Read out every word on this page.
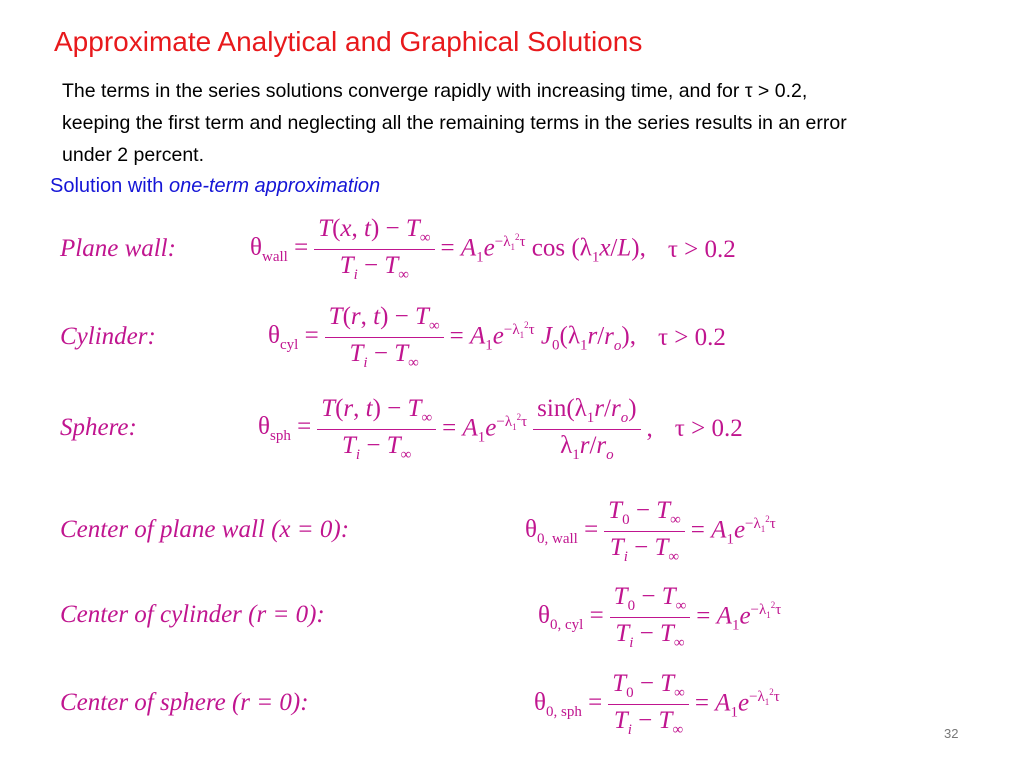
Approximate Analytical and Graphical Solutions
The terms in the series solutions converge rapidly with increasing time, and for τ > 0.2, keeping the first term and neglecting all the remaining terms in the series results in an error under 2 percent.
Solution with one-term approximation
Plane wall:	$\theta_{wall} = \frac{T(x, t) - T_\infty}{T_i - T_\infty} = A_1e^{-\lambda_1^2\tau}$ $\cos (\lambda_1x/L)$, τ > 0.2
Cylinder:	$\theta_{cyl} = \frac{T(r, t) - T_\infty}{T_i - T_\infty} = A_1e^{-\lambda_1^2\tau}$ $J_0(\lambda_1r/r_o)$, τ > 0.2
Sphere:	$\theta_{sph} = \frac{T(r, t) - T_\infty}{T_i - T_\infty} = A_1e^{-\lambda_1^2\tau} \frac{\sin(\lambda_1r/r_o)}{\lambda_1r/r_o}$ , τ > 0.2
Center of plane wall (x = 0):	$\theta_{0, wall} = \frac{T_0 - T_\infty}{T_i - T_\infty} = A_1e^{-\lambda_1^2\tau}$
Center of cylinder (r = 0):	$\theta_{0, cyl} = \frac{T_0 - T_\infty}{T_i - T_\infty} = A_1e^{-\lambda_1^2\tau}$
Center of sphere (r = 0):	$\theta_{0, sph} = \frac{T_0 - T_\infty}{T_i - T_\infty} = A_1e^{-\lambda_1^2\tau}$
32
